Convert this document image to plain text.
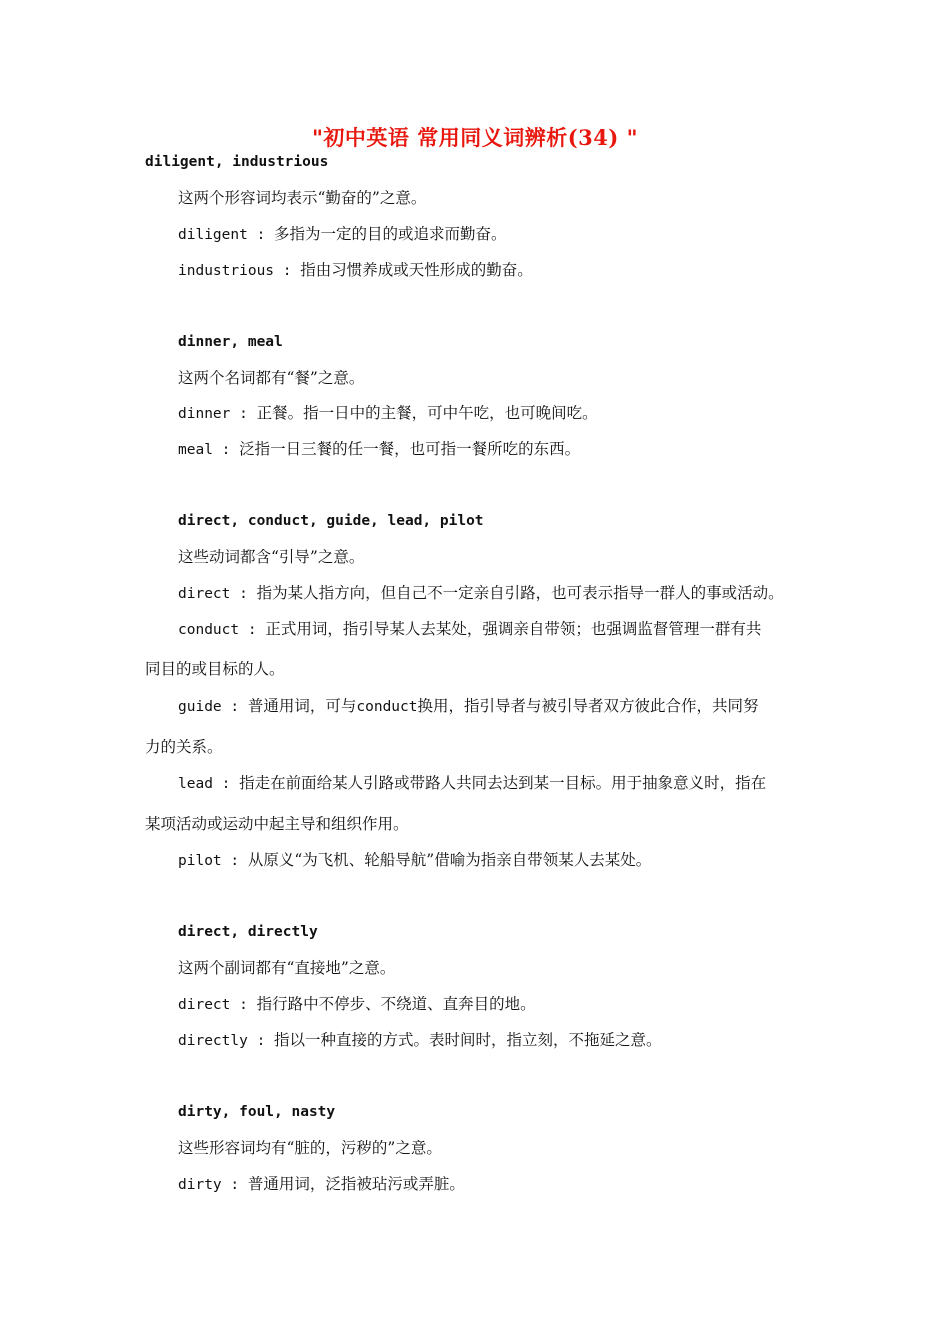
"初中英语 常用同义词辨析(34) "
diligent, industrious
这两个形容词均表示“勤奋的”之意。
diligent : 多指为一定的目的或追求而勤奋。
industrious : 指由习惯养成或天性形成的勤奋。
dinner, meal
这两个名词都有“餐”之意。
dinner : 正餐。指一日中的主餐，可中午吃，也可晚间吃。
meal : 泛指一日三餐的任一餐，也可指一餐所吃的东西。
direct, conduct, guide, lead, pilot
这些动词都含“引导”之意。
direct : 指为某人指方向，但自己不一定亲自引路，也可表示指导一群人的事或活动。
conduct : 正式用词，指引导某人去某处，强调亲自带领；也强调监督管理一群有共
同目的或目标的人。
guide : 普通用词，可与conduct换用，指引导者与被引导者双方彼此合作，共同努
力的关系。
lead : 指走在前面给某人引路或带路人共同去达到某一目标。用于抽象意义时，指在
某项活动或运动中起主导和组织作用。
pilot : 从原义“为飞机、轮船导航”借喻为指亲自带领某人去某处。
direct, directly
这两个副词都有“直接地”之意。
direct : 指行路中不停步、不绕道、直奔目的地。
directly : 指以一种直接的方式。表时间时，指立刻，不拖延之意。
dirty, foul, nasty
这些形容词均有“脏的，污秽的”之意。
dirty : 普通用词，泛指被玷污或弄脏。
